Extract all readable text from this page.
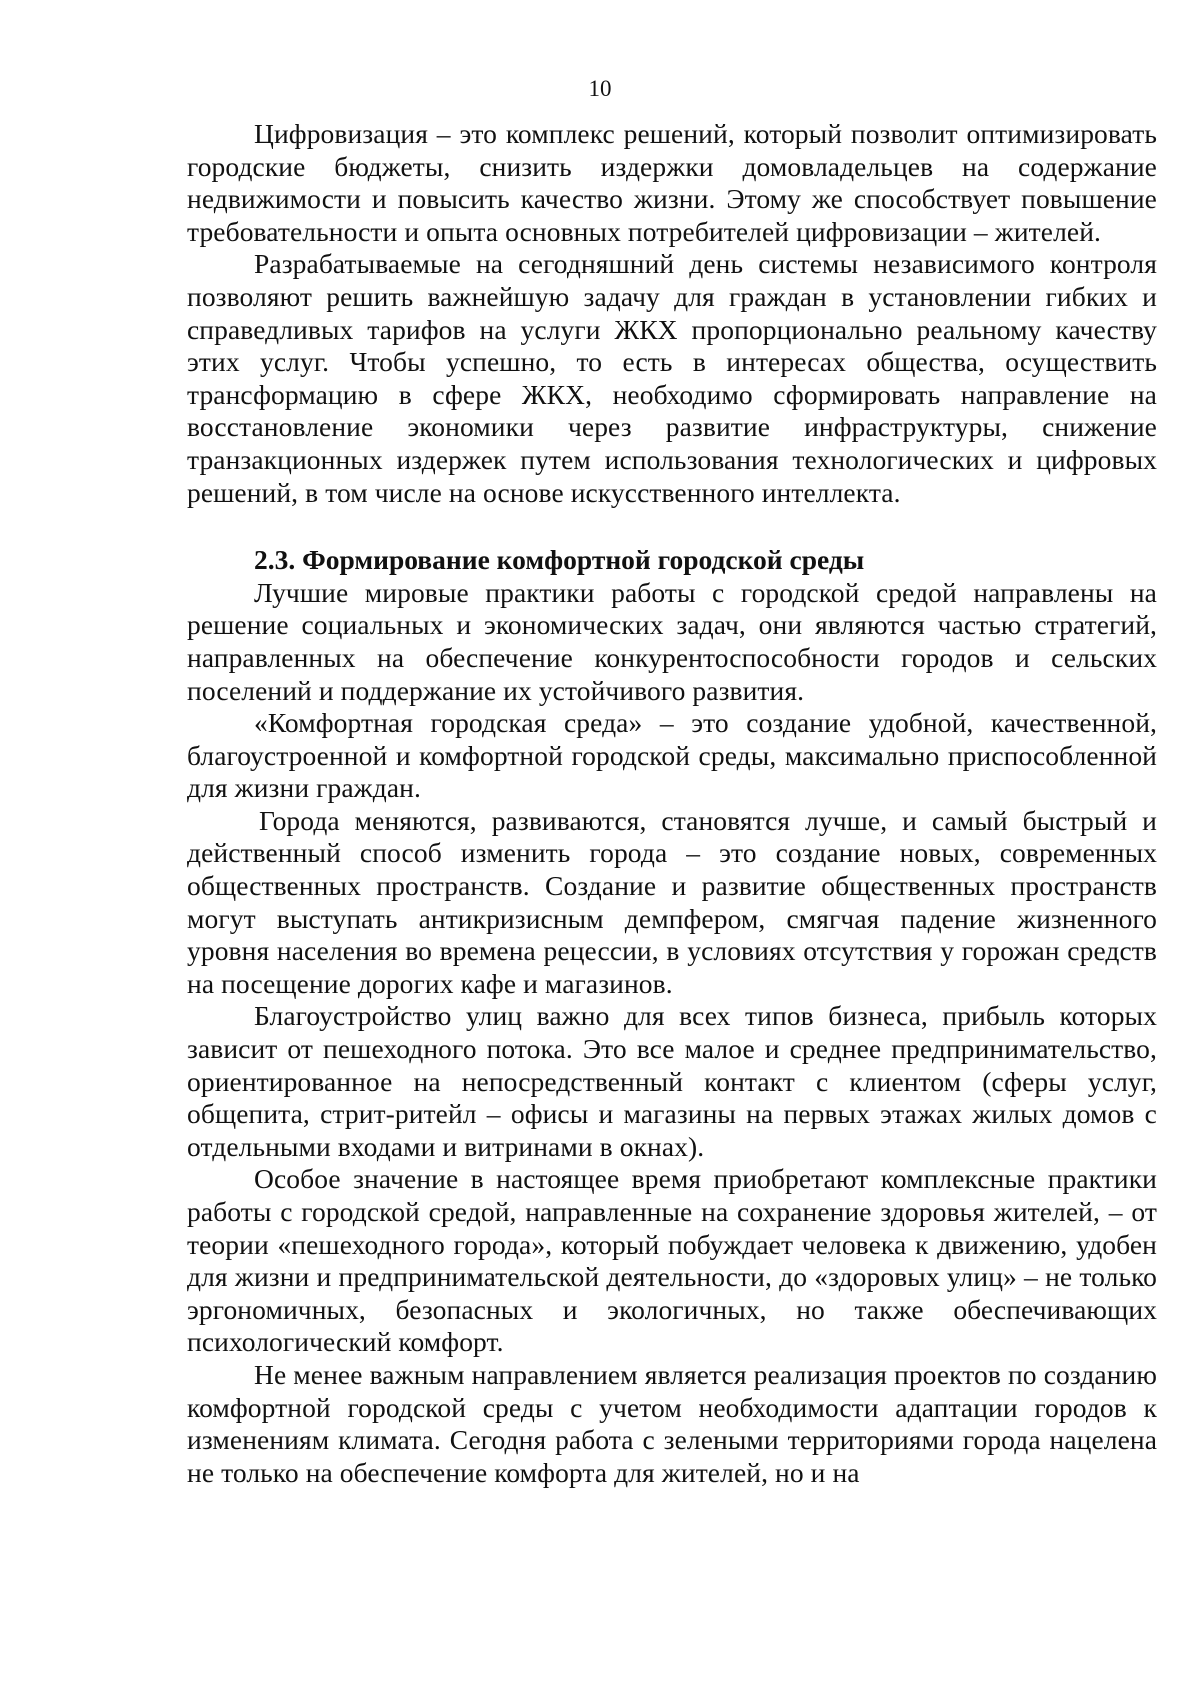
10

Цифровизация – это комплекс решений, который позволит оптимизировать городские бюджеты, снизить издержки домовладельцев на содержание недвижимости и повысить качество жизни. Этому же способствует повышение требовательности и опыта основных потребителей цифровизации – жителей.

Разрабатываемые на сегодняшний день системы независимого контроля позволяют решить важнейшую задачу для граждан в установлении гибких и справедливых тарифов на услуги ЖКХ пропорционально реальному качеству этих услуг. Чтобы успешно, то есть в интересах общества, осуществить трансформацию в сфере ЖКХ, необходимо сформировать направление на восстановление экономики через развитие инфраструктуры, снижение транзакционных издержек путем использования технологических и цифровых решений, в том числе на основе искусственного интеллекта.

2.3. Формирование комфортной городской среды

Лучшие мировые практики работы с городской средой направлены на решение социальных и экономических задач, они являются частью стратегий, направленных на обеспечение конкурентоспособности городов и сельских поселений и поддержание их устойчивого развития.

«Комфортная городская среда» – это создание удобной, качественной, благоустроенной и комфортной городской среды, максимально приспособленной для жизни граждан.

Города меняются, развиваются, становятся лучше, и самый быстрый и действенный способ изменить города – это создание новых, современных общественных пространств. Создание и развитие общественных пространств могут выступать антикризисным демпфером, смягчая падение жизненного уровня населения во времена рецессии, в условиях отсутствия у горожан средств на посещение дорогих кафе и магазинов.

Благоустройство улиц важно для всех типов бизнеса, прибыль которых зависит от пешеходного потока. Это все малое и среднее предпринимательство, ориентированное на непосредственный контакт с клиентом (сферы услуг, общепита, стрит-ритейл – офисы и магазины на первых этажах жилых домов с отдельными входами и витринами в окнах).

Особое значение в настоящее время приобретают комплексные практики работы с городской средой, направленные на сохранение здоровья жителей, – от теории «пешеходного города», который побуждает человека к движению, удобен для жизни и предпринимательской деятельности, до «здоровых улиц» – не только эргономичных, безопасных и экологичных, но также обеспечивающих психологический комфорт.

Не менее важным направлением является реализация проектов по созданию комфортной городской среды с учетом необходимости адаптации городов к изменениям климата. Сегодня работа с зелеными территориями города нацелена не только на обеспечение комфорта для жителей, но и на
